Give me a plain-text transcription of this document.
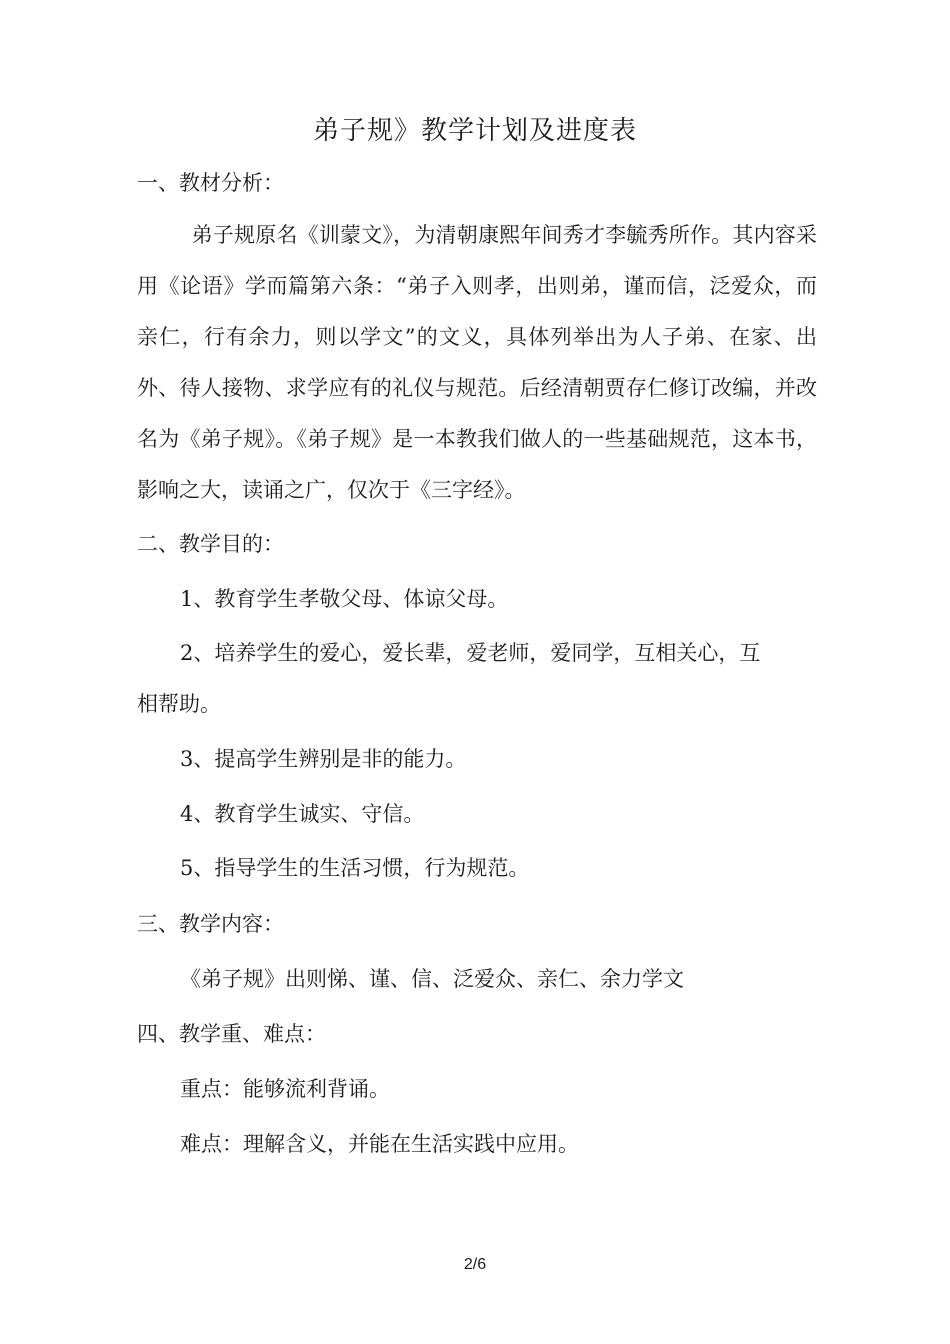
弟子规》教学计划及进度表
一、教材分析：
弟子规原名《训蒙文》，为清朝康熙年间秀才李毓秀所作。其内容采用《论语》学而篇第六条：“弟子入则孝，出则弟，谨而信，泛爱众，而亲仁，行有余力，则以学文”的文义，具体列举出为人子弟、在家、出外、待人接物、求学应有的礼仪与规范。后经清朝贾存仁修订改编，并改名为《弟子规》。《弟子规》是一本教我们做人的一些基础规范，这本书，影响之大，读诵之广，仅次于《三字经》。
二、教学目的：
1、教育学生孝敬父母、体谅父母。
2、培养学生的爱心，爱长辈，爱老师，爱同学，互相关心，互
相帮助。
3、提高学生辨别是非的能力。
4、教育学生诚实、守信。
5、指导学生的生活习惯，行为规范。
三、教学内容：
《弟子规》出则悌、谨、信、泛爱众、亲仁、余力学文
四、教学重、难点：
重点：能够流利背诵。
难点：理解含义，并能在生活实践中应用。
2/6
